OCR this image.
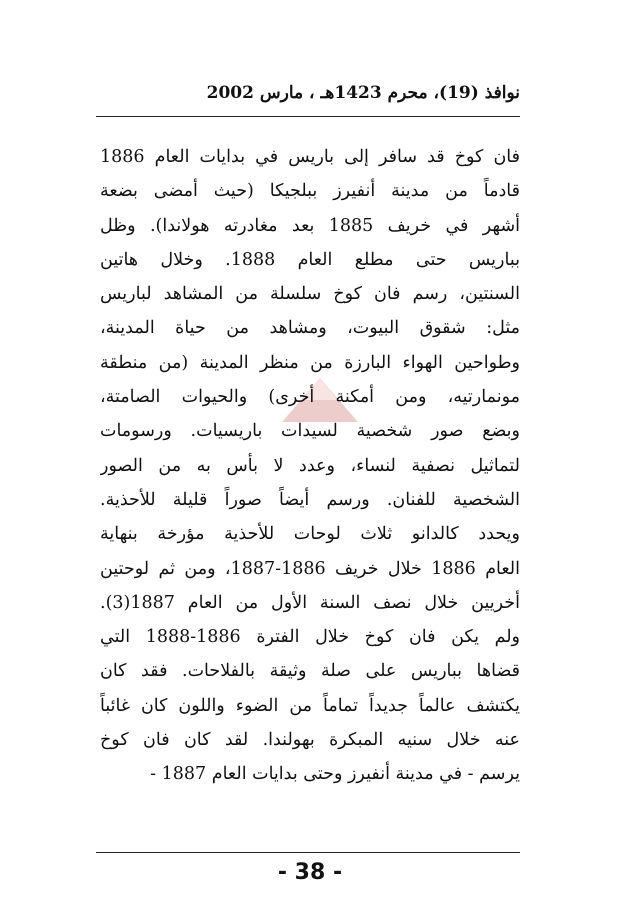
نوافذ (19)، محرم 1423هـ ، مارس 2002
فان كوخ قد سافر إلى باريس في بدايات العام 1886
قادماً من مدينة أنفيرز ببلجيكا (حيث أمضى بضعة
أشهر في خريف 1885 بعد مغادرته هولاندا). وظل
بباريس حتى مطلع العام 1888. وخلال هاتين
السنتين، رسم فان كوخ سلسلة من المشاهد لباريس
مثل: شقوق البيوت، ومشاهد من حياة المدينة،
وطواحين الهواء البارزة من منظر المدينة (من منطقة
مونمارتيه، ومن أمكنة أخرى) والحيوات الصامتة،
وبضع صور شخصية لسيدات باريسيات. ورسومات
لتماثيل نصفية لنساء، وعدد لا بأس به من الصور
الشخصية للفنان. ورسم أيضاً صوراً قليلة للأحذية.
ويحدد كالدانو ثلاث لوحات للأحذية مؤرخة بنهاية
العام 1886 خلال خريف 1886-1887، ومن ثم لوحتين
أخريين خلال نصف السنة الأول من العام 1887(3).
ولم يكن فان كوخ خلال الفترة 1886-1888 التي
قضاها بباريس على صلة وثيقة بالفلاحات. فقد كان
يكتشف عالماً جديداً تماماً من الضوء واللون كان غائباً
عنه خلال سنيه المبكرة بهولندا. لقد كان فان كوخ
يرسم - في مدينة أنفيرز وحتى بدايات العام 1887 -
- 38 -
